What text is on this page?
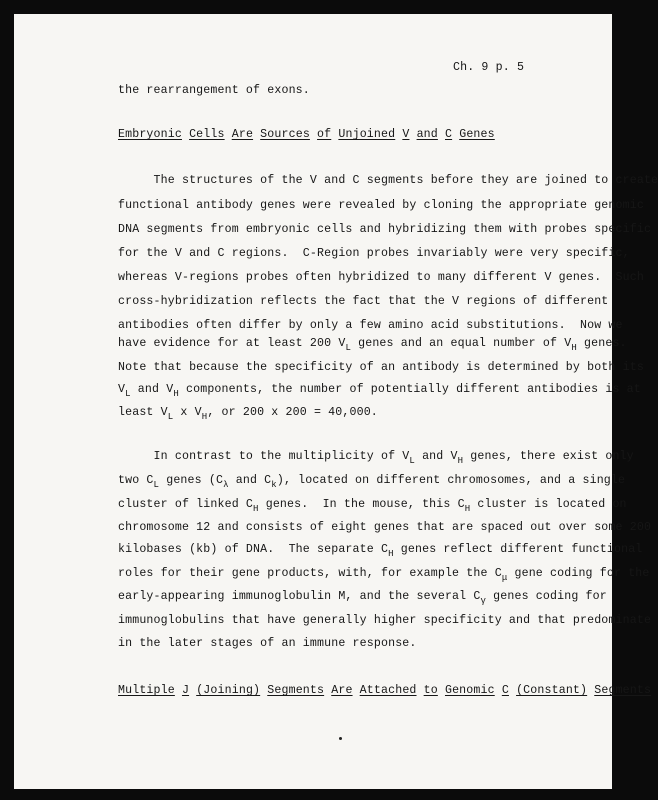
Ch. 9 p. 5
the rearrangement of exons.
Embryonic Cells Are Sources of Unjoined V and C Genes
The structures of the V and C segments before they are joined to create
functional antibody genes were revealed by cloning the appropriate genomic
DNA segments from embryonic cells and hybridizing them with probes specific
for the V and C regions.  C-Region probes invariably were very specific,
whereas V-regions probes often hybridized to many different V genes.  Such
cross-hybridization reflects the fact that the V regions of different
antibodies often differ by only a few amino acid substitutions.  Now we
have evidence for at least 200 $V_L$ genes and an equal number of $V_H$ genes.
Note that because the specificity of an antibody is determined by both its
$V_L$ and $V_H$ components, the number of potentially different antibodies is at
least $V_L$ x $V_H$, or 200 x 200 = 40,000.
In contrast to the multiplicity of $V_L$ and $V_H$ genes, there exist only
two $C_L$ genes ($C_\lambda$ and $C_k$), located on different chromosomes, and a single
cluster of linked $C_H$ genes.  In the mouse, this $C_H$ cluster is located on
chromosome 12 and consists of eight genes that are spaced out over some 200
kilobases (kb) of DNA.  The separate $C_H$ genes reflect different functional
roles for their gene products, with, for example the $C_\mu$ gene coding for the
early-appearing immunoglobulin M, and the several $C_\gamma$ genes coding for
immunoglobulins that have generally higher specificity and that predominate
in the later stages of an immune response.
Multiple J (Joining) Segments Are Attached to Genomic C (Constant) Segments
